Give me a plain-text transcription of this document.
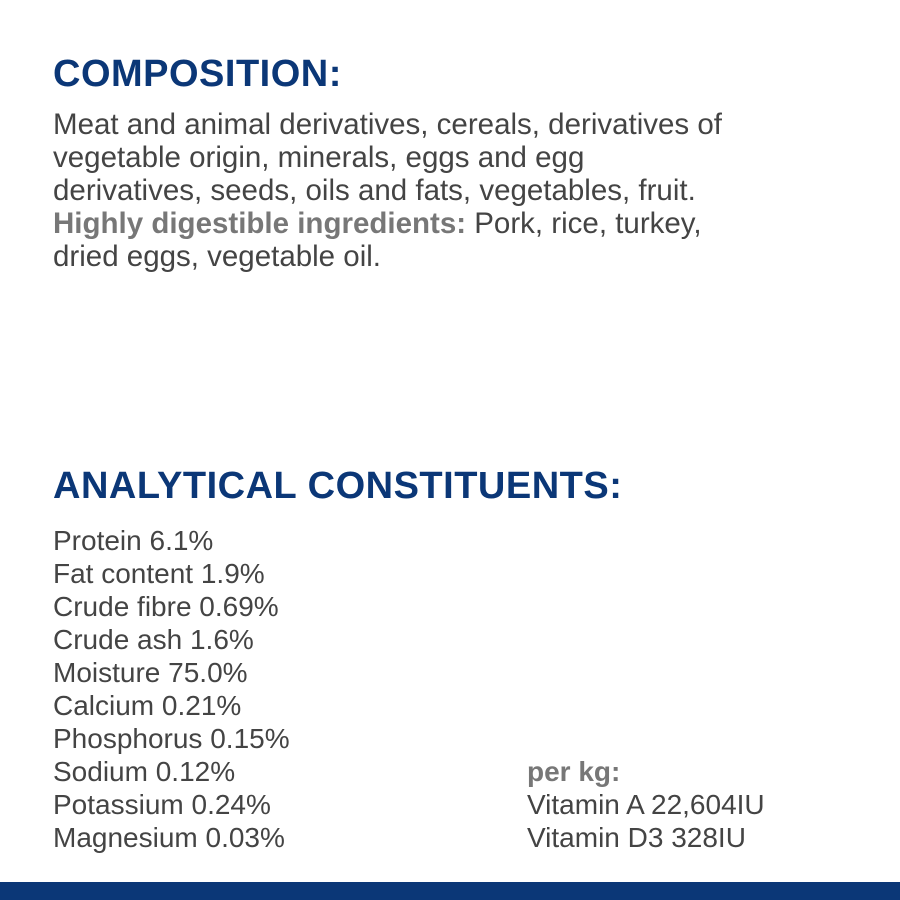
COMPOSITION:
Meat and animal derivatives, cereals, derivatives of
vegetable origin, minerals, eggs and egg
derivatives, seeds, oils and fats, vegetables, fruit.
Highly digestible ingredients: Pork, rice, turkey,
dried eggs, vegetable oil.
ANALYTICAL CONSTITUENTS:
Protein 6.1%
Fat content 1.9%
Crude fibre 0.69%
Crude ash 1.6%
Moisture 75.0%
Calcium 0.21%
Phosphorus 0.15%
Sodium 0.12%
Potassium 0.24%
Magnesium 0.03%
per kg:
Vitamin A 22,604IU
Vitamin D3 328IU
